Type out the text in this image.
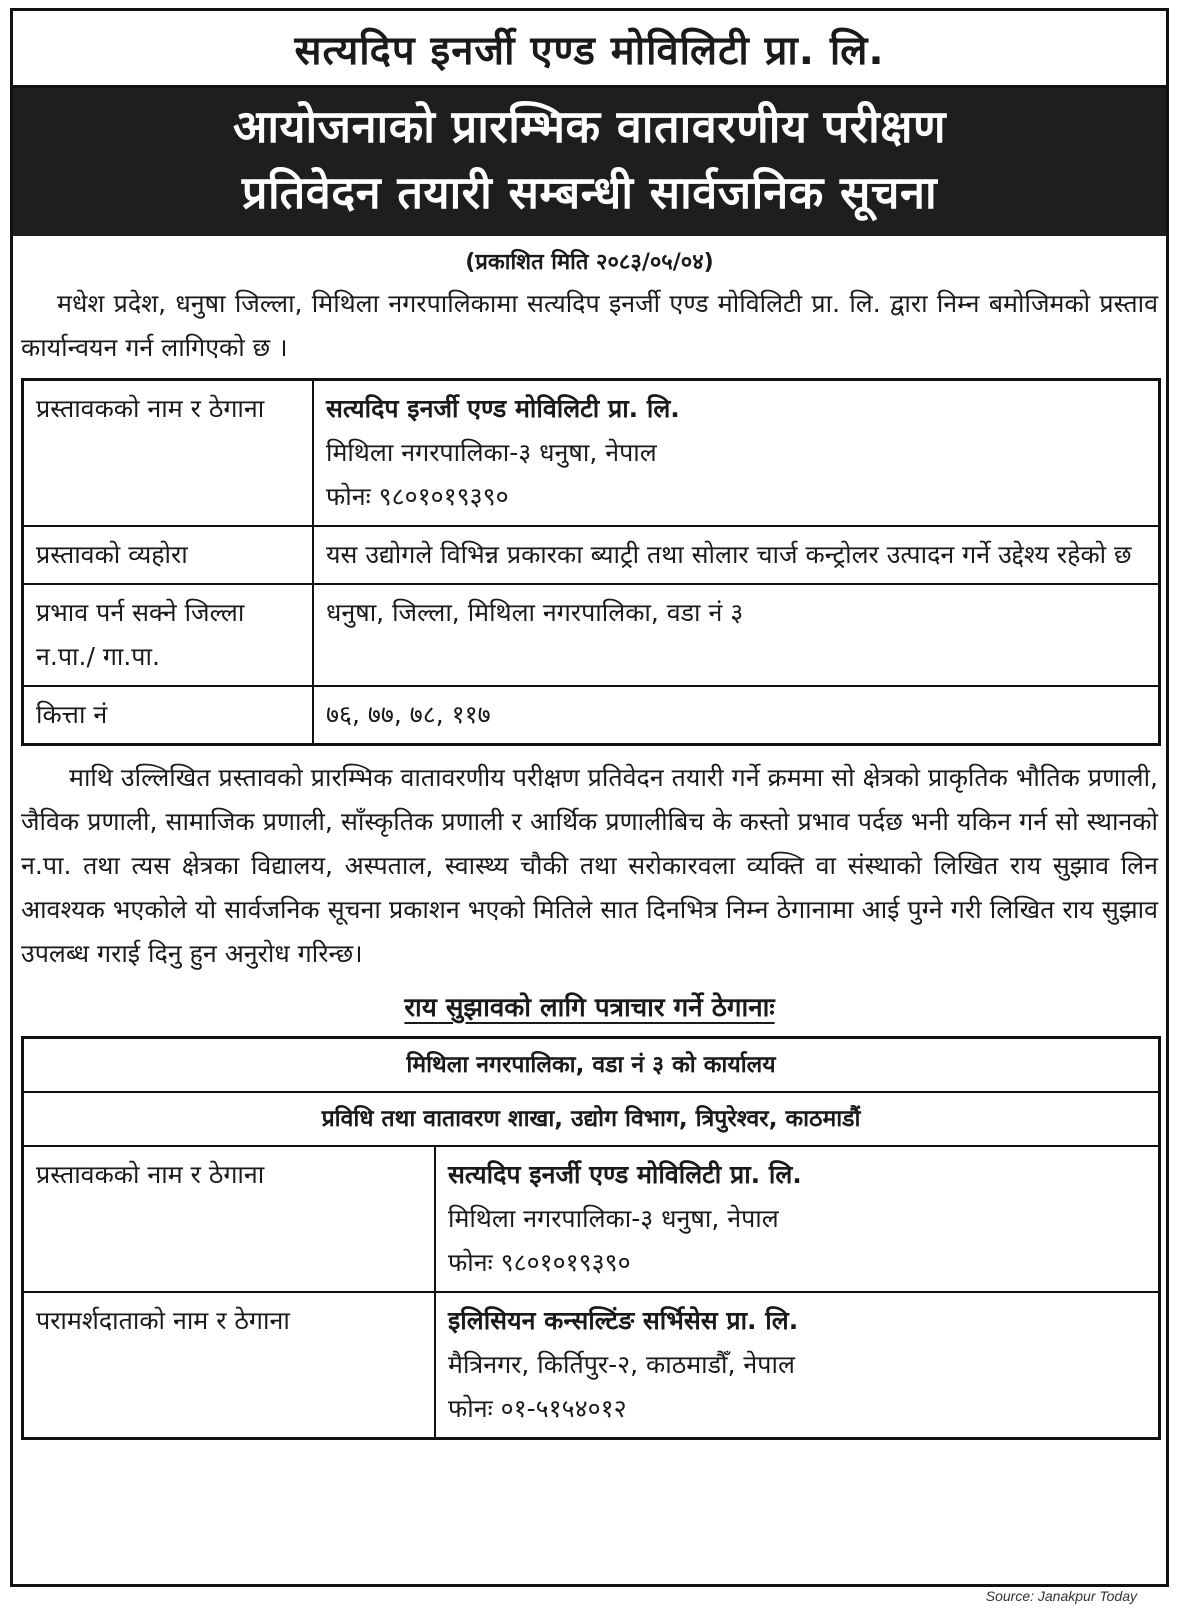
सत्यदिप इनर्जी एण्ड मोविलिटी प्रा. लि.
आयोजनाको प्रारम्भिक वातावरणीय परीक्षण
प्रतिवेदन तयारी सम्बन्धी सार्वजनिक सूचना
(प्रकाशित मिति २०८३/०५/०४)
मधेश प्रदेश, धनुषा जिल्ला, मिथिला नगरपालिकामा सत्यदिप इनर्जी एण्ड मोविलिटी प्रा. लि. द्वारा निम्न बमोजिमको प्रस्ताव कार्यान्वयन गर्न लागिएको छ ।
प्रस्तावककाे नाम र ठेगाना	सत्यदिप इनर्जी एण्ड मोविलिटी प्रा. लि.
मिथिला नगरपालिका-३ धनुषा, नेपाल
फोनः ९८०१०१९३९०

प्रस्तावको व्यहोरा	यस उद्योगले विभिन्न प्रकारका ब्याट्री तथा सोलार चार्ज कन्ट्रोलर उत्पादन गर्ने उद्देश्य रहेको छ
प्रभाव पर्न सक्ने जिल्ला न.पा./ गा.पा.	धनुषा, जिल्ला, मिथिला नगरपालिका, वडा नं ३
कित्ता नं	७६, ७७, ७८, ११७
माथि उल्लिखित प्रस्तावको प्रारम्भिक वातावरणीय परीक्षण प्रतिवेदन तयारी गर्ने क्रममा सो क्षेत्रको प्राकृतिक भौतिक प्रणाली, जैविक प्रणाली, सामाजिक प्रणाली, साँस्कृतिक प्रणाली र आर्थिक प्रणालीबिच के कस्तो प्रभाव पर्दछ भनी यकिन गर्न सो स्थानको न.पा. तथा त्यस क्षेत्रका विद्यालय, अस्पताल, स्वास्थ्य चौकी तथा सरोकारवला व्यक्ति वा संस्थाको लिखित राय सुझाव लिन आवश्यक भएकोले यो सार्वजनिक सूचना प्रकाशन भएको मितिले सात दिनभित्र निम्न ठेगानामा आई पुग्ने गरी लिखित राय सुझाव उपलब्ध गराई दिनु हुन अनुरोध गरिन्छ।
राय सुझावको लागि पत्राचार गर्ने ठेगानाः
मिथिला नगरपालिका, वडा नं ३ को कार्यालय	
प्रविधि तथा वातावरण शाखा, उद्योग विभाग, त्रिपुरेश्वर, काठमाडौं	
प्रस्तावककाे नाम र ठेगाना	सत्यदिप इनर्जी एण्ड मोविलिटी प्रा. लि.
मिथिला नगरपालिका-३ धनुषा, नेपाल
फोनः ९८०१०१९३९०

परामर्शदाताको नाम र ठेगाना	इलिसियन कन्सल्टिंङ सर्भिसेस प्रा. लि.
मैत्रिनगर, किर्तिपुर-२, काठमाडौँ, नेपाल
फोनः ०१-५१५४०१२
Source: Janakpur Today
